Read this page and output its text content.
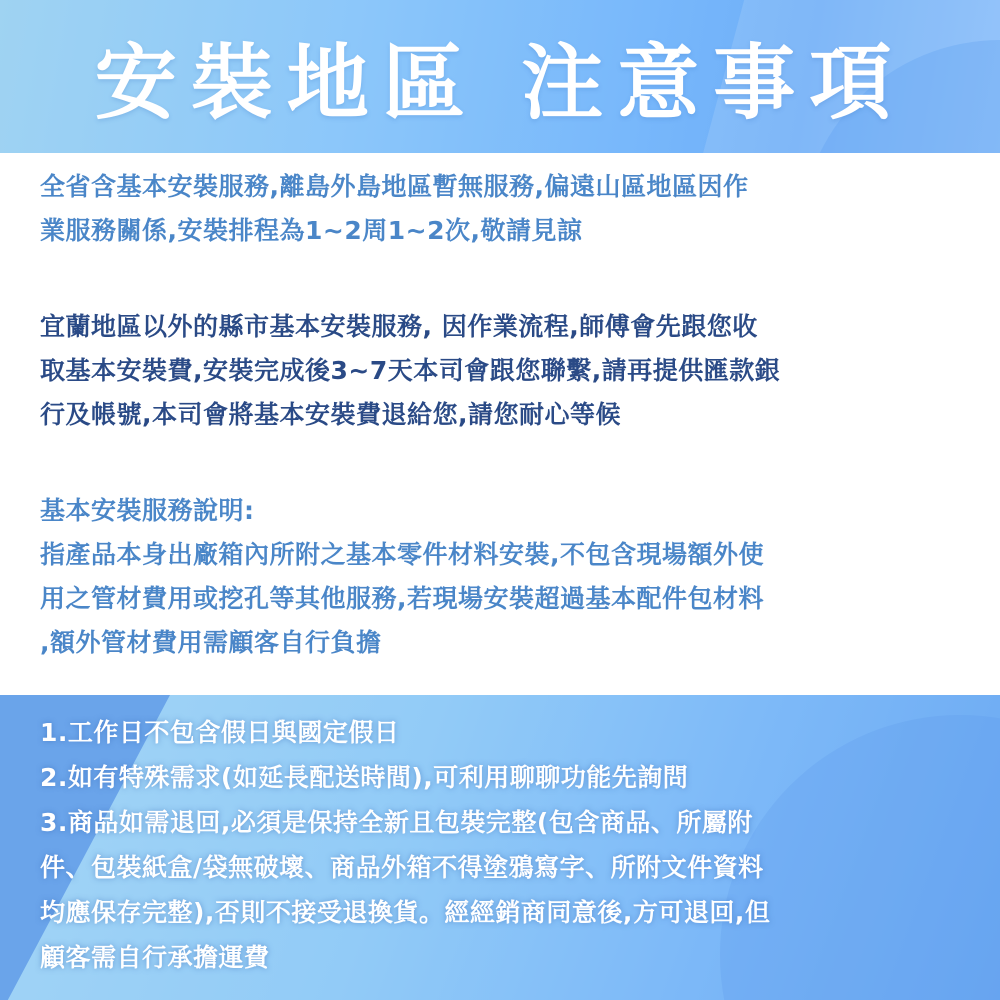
安裝地區 注意事項
全省含基本安裝服務,離島外島地區暫無服務,偏遠山區地區因作
業服務關係,安裝排程為1~2周1~2次,敬請見諒
宜蘭地區以外的縣市基本安裝服務, 因作業流程,師傅會先跟您收
取基本安裝費,安裝完成後3~7天本司會跟您聯繫,請再提供匯款銀
行及帳號,本司會將基本安裝費退給您,請您耐心等候
基本安裝服務說明:
指產品本身出廠箱內所附之基本零件材料安裝,不包含現場額外使
用之管材費用或挖孔等其他服務,若現場安裝超過基本配件包材料
,額外管材費用需顧客自行負擔
1.工作日不包含假日與國定假日
2.如有特殊需求(如延長配送時間),可利用聊聊功能先詢問
3.商品如需退回,必須是保持全新且包裝完整(包含商品、所屬附
件、包裝紙盒/袋無破壞、商品外箱不得塗鴉寫字、所附文件資料
均應保存完整),否則不接受退換貨。經經銷商同意後,方可退回,但
顧客需自行承擔運費
